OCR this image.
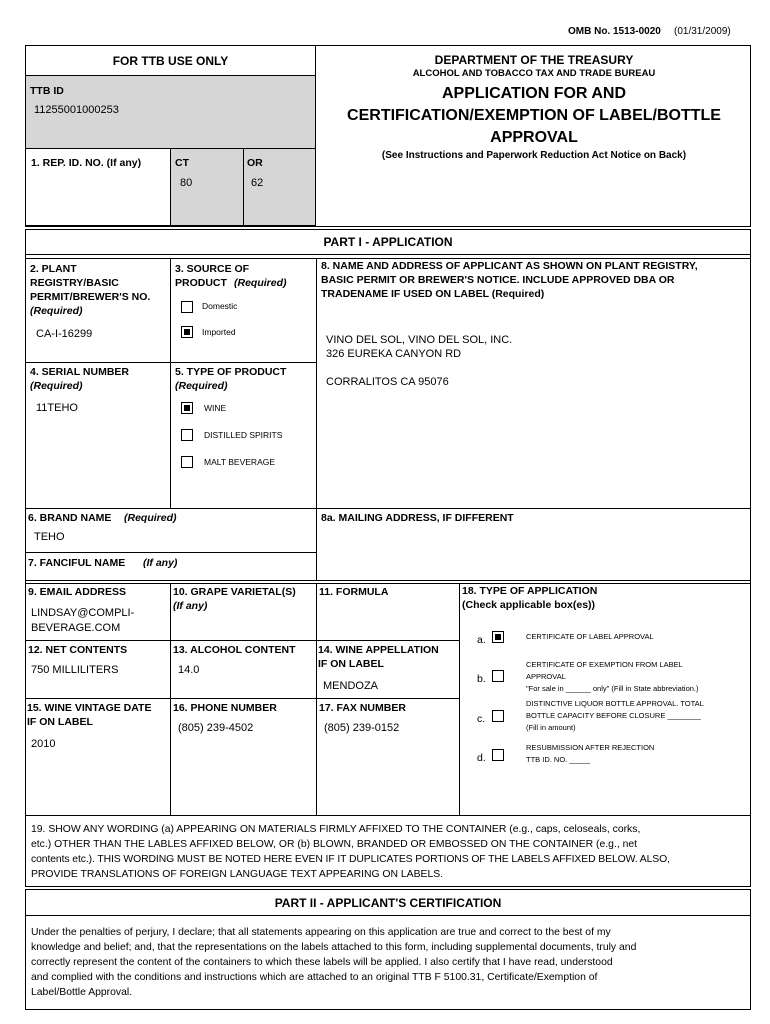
OMB No. 1513-0020 (01/31/2009)
FOR TTB USE ONLY
TTB ID
11255001000253
1. REP. ID. NO. (If any)	CT
80
OR
62
DEPARTMENT OF THE TREASURY
ALCOHOL AND TOBACCO TAX AND TRADE BUREAU
APPLICATION FOR AND
CERTIFICATION/EXEMPTION OF LABEL/BOTTLE
APPROVAL
(See Instructions and Paperwork Reduction Act Notice on Back)
PART I - APPLICATION
2. PLANT
REGISTRY/BASIC
PERMIT/BREWER'S NO.
(Required)
CA-I-16299
3. SOURCE OF
PRODUCT (Required)
Domestic
Imported
8. NAME AND ADDRESS OF APPLICANT AS SHOWN ON PLANT REGISTRY,
BASIC PERMIT OR BREWER'S NOTICE. INCLUDE APPROVED DBA OR
TRADENAME IF USED ON LABEL (Required)
VINO DEL SOL, VINO DEL SOL, INC.
326 EUREKA CANYON RD
CORRALITOS CA 95076
4. SERIAL NUMBER
(Required)
11TEHO
5. TYPE OF PRODUCT
(Required)
WINE
DISTILLED SPIRITS
MALT BEVERAGE
6. BRAND NAME (Required)
TEHO
8a. MAILING ADDRESS, IF DIFFERENT
7. FANCIFUL NAME (If any)
9. EMAIL ADDRESS
LINDSAY@COMPLI-
BEVERAGE.COM
10. GRAPE VARIETAL(S)
(If any)
11. FORMULA
12. NET CONTENTS
750 MILLILITERS
13. ALCOHOL CONTENT
14.0
14. WINE APPELLATION
IF ON LABEL
MENDOZA
15. WINE VINTAGE DATE
IF ON LABEL
2010
16. PHONE NUMBER
(805) 239-4502
17. FAX NUMBER
(805) 239-0152
18. TYPE OF APPLICATION
(Check applicable box(es))
a.	CERTIFICATE OF LABEL APPROVAL
b.
CERTIFICATE OF EXEMPTION FROM LABEL
APPROVAL
"For sale in ______ only" (Fill in State abbreviation.)
c.
DISTINCTIVE LIQUOR BOTTLE APPROVAL. TOTAL
BOTTLE CAPACITY BEFORE CLOSURE ________
(Fill in amount)
d.
RESUBMISSION AFTER REJECTION
TTB ID. NO. _____
19. SHOW ANY WORDING (a) APPEARING ON MATERIALS FIRMLY AFFIXED TO THE CONTAINER (e.g., caps, celoseals, corks,
etc.) OTHER THAN THE LABLES AFFIXED BELOW, OR (b) BLOWN, BRANDED OR EMBOSSED ON THE CONTAINER (e.g., net
contents etc.). THIS WORDING MUST BE NOTED HERE EVEN IF IT DUPLICATES PORTIONS OF THE LABELS AFFIXED BELOW. ALSO,
PROVIDE TRANSLATIONS OF FOREIGN LANGUAGE TEXT APPEARING ON LABELS.
PART II - APPLICANT'S CERTIFICATION
Under the penalties of perjury, I declare; that all statements appearing on this application are true and correct to the best of my
knowledge and belief; and, that the representations on the labels attached to this form, including supplemental documents, truly and
correctly represent the content of the containers to which these labels will be applied. I also certify that I have read, understood
and complied with the conditions and instructions which are attached to an original TTB F 5100.31, Certificate/Exemption of
Label/Bottle Approval.
